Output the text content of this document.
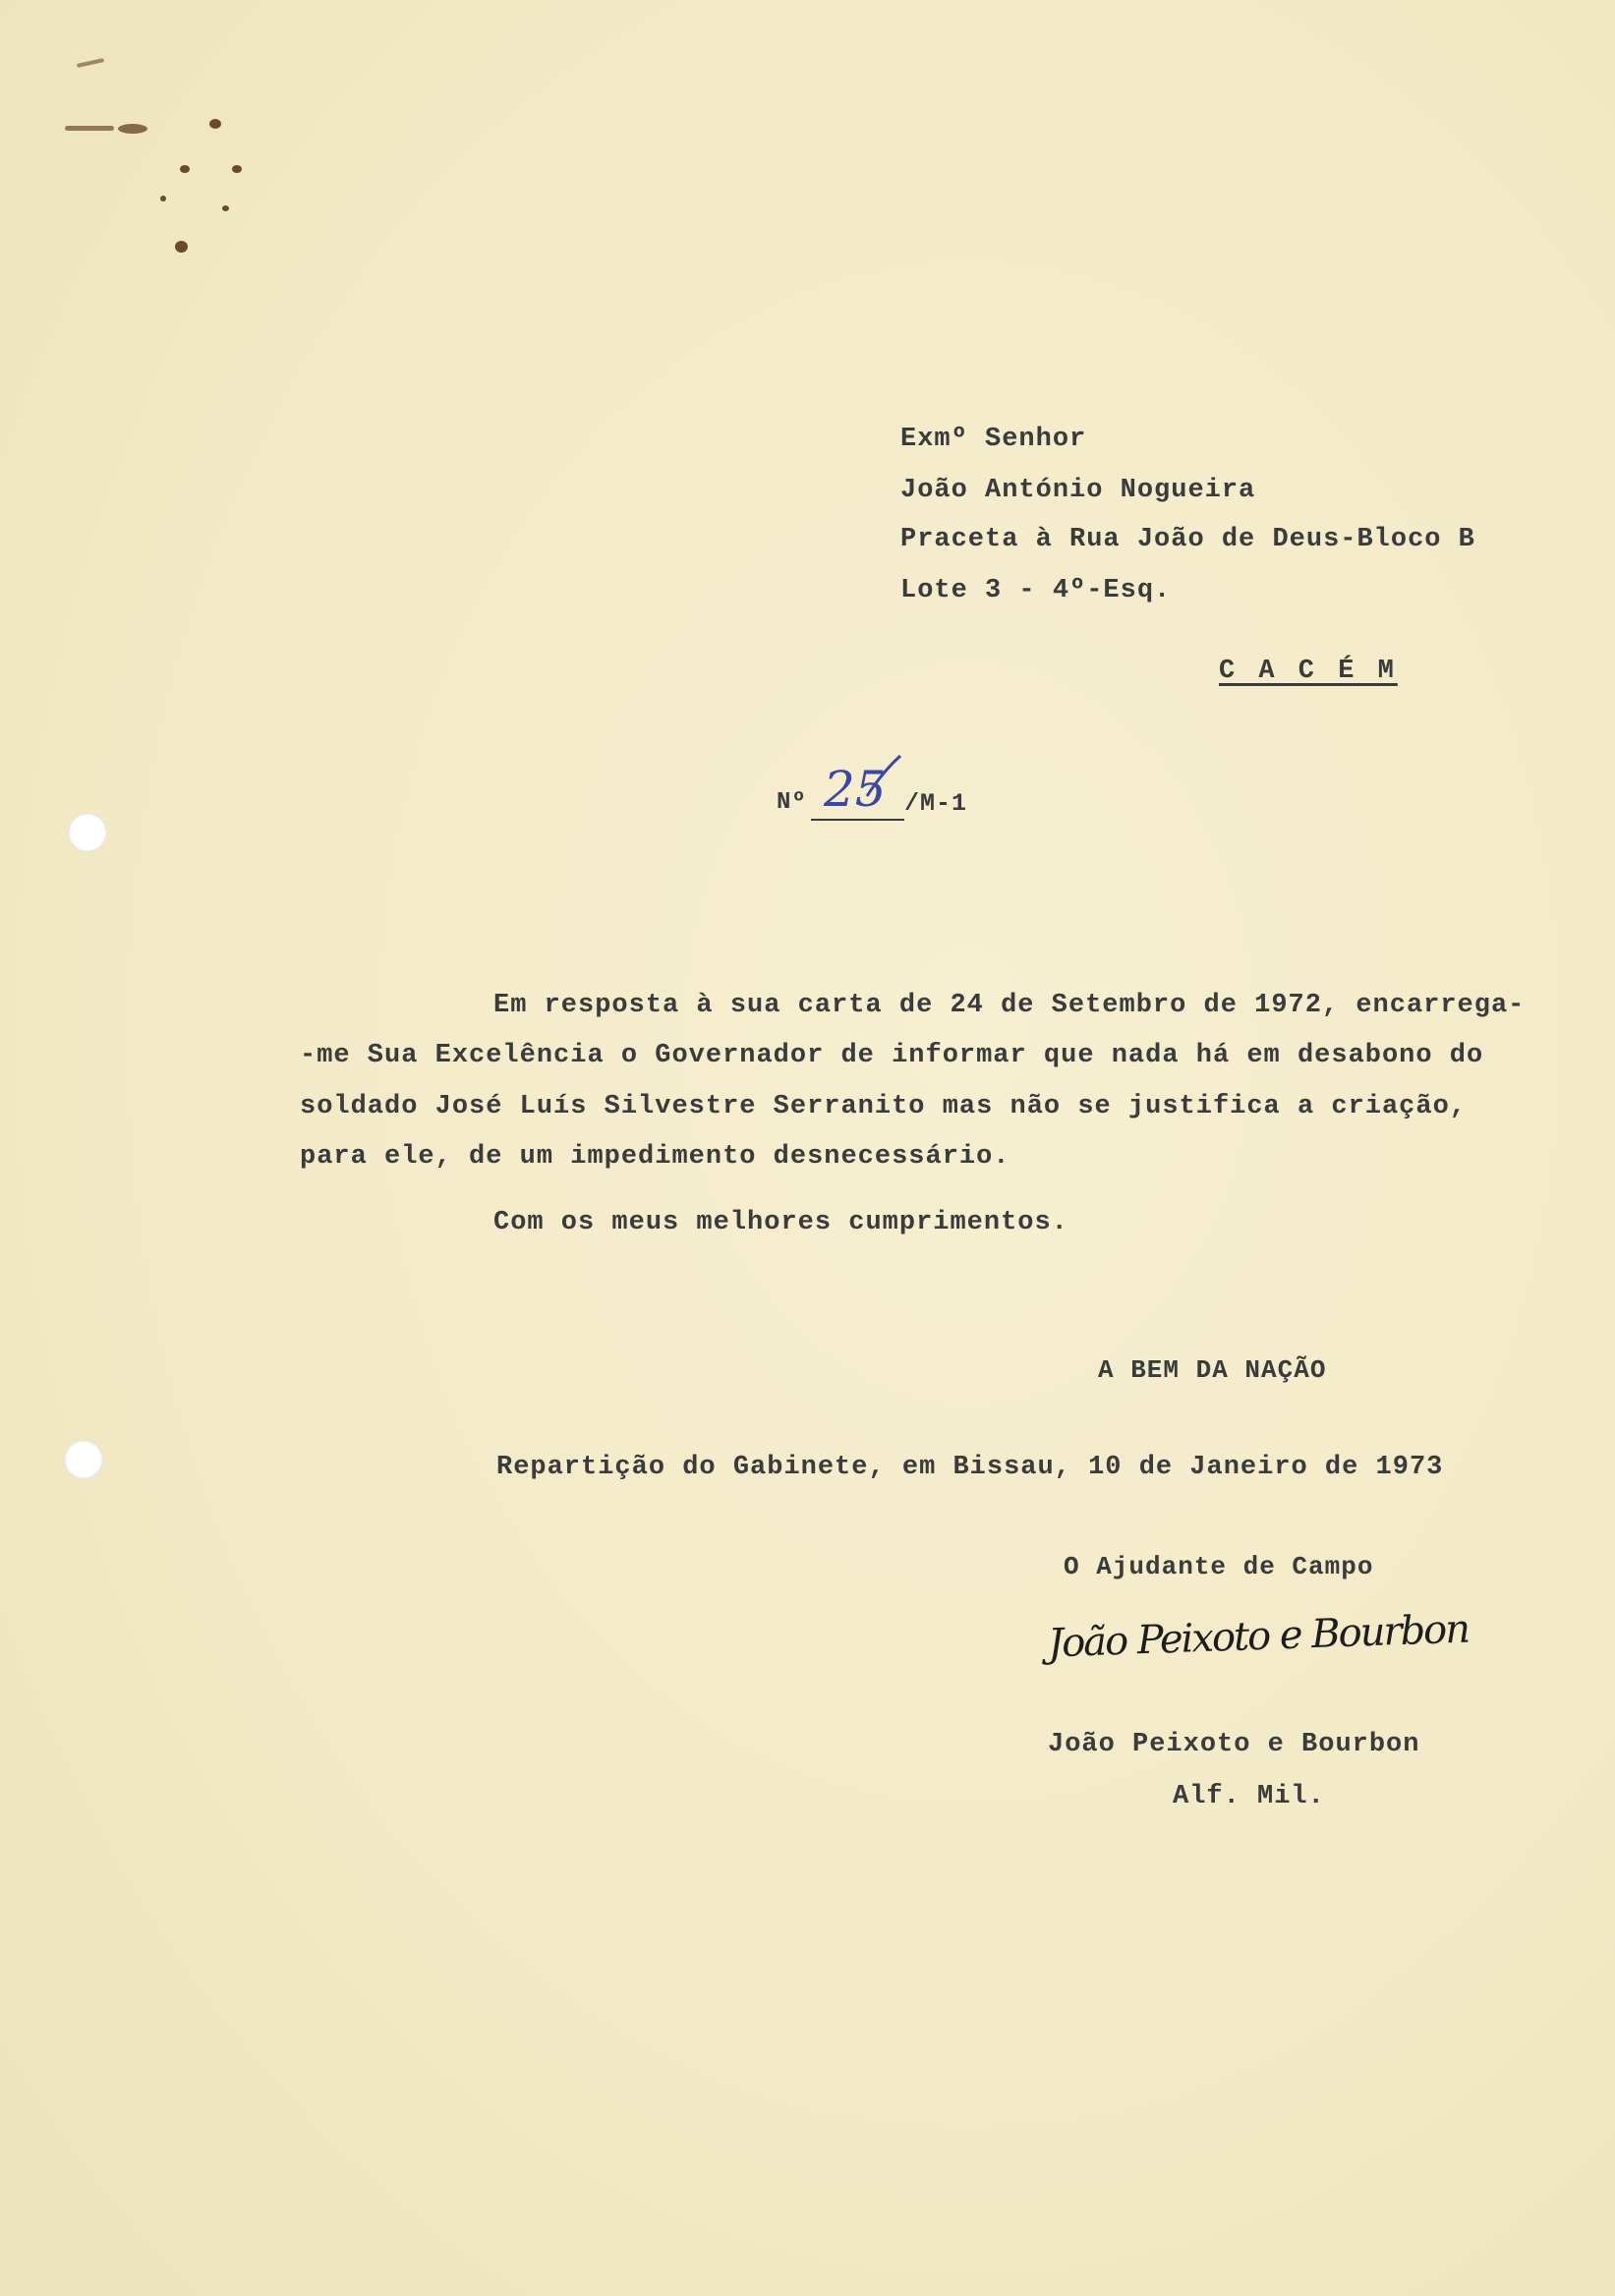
Exmº Senhor
João António Nogueira
Praceta à Rua João de Deus-Bloco B
Lote 3 - 4º-Esq.
C A C É M
Nº 25 /M-1
Em resposta à sua carta de 24 de Setembro de 1972, encarrega-
-me Sua Excelência o Governador de informar que nada há em desabono do
soldado José Luís Silvestre Serranito mas não se justifica a criação,
para ele, de um impedimento desnecessário.
Com os meus melhores cumprimentos.
A BEM DA NAÇÃO
Repartição do Gabinete, em Bissau, 10 de Janeiro de 1973
O Ajudante de Campo
João Peixoto e Bourbon
João Peixoto e Bourbon
Alf. Mil.
